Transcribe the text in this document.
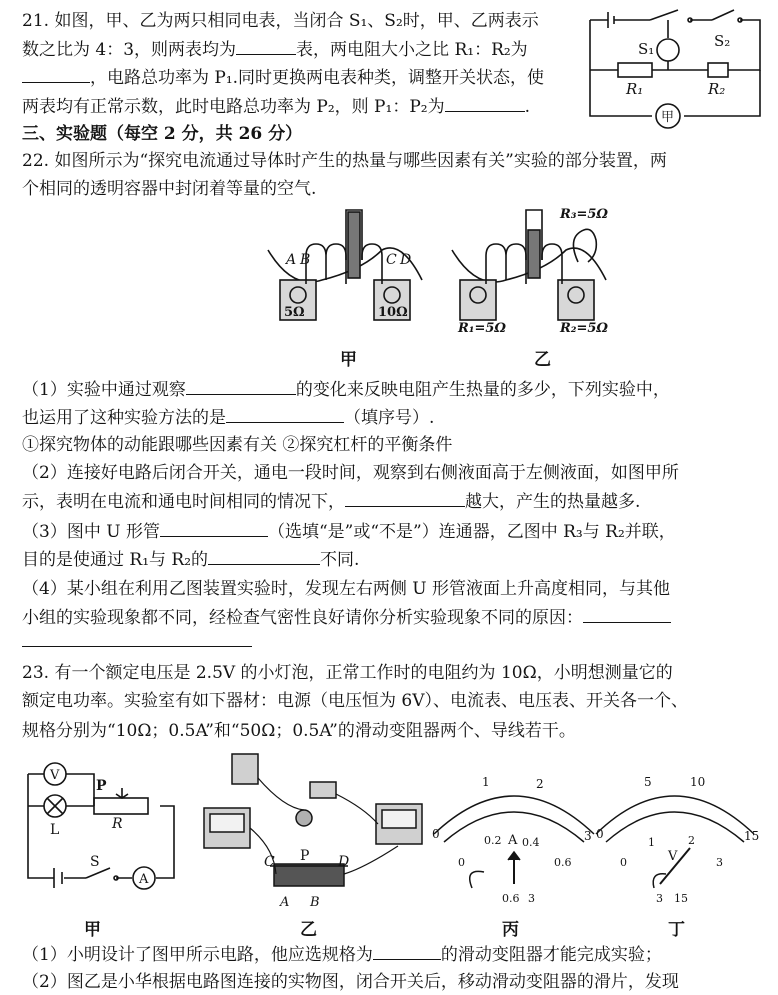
21. 如图，甲、乙为两只相同电表，当闭合 S₁、S₂时，甲、乙两表示
数之比为 4：3，则两表均为	表，两电阻大小之比 R₁：R₂为
，电路总功率为 P₁.同时更换两电表种类，调整开关状态，使
两表均有正常示数，此时电路总功率为 P₂，则 P₁：P₂为	.
三、实验题（每空 2 分，共 26 分）
S₁	S₂
R₁	R₂
甲
22. 如图所示为“探究电流通过导体时产生的热量与哪些因素有关”实验的部分装置，两
个相同的透明容器中封闭着等量的空气.
A B	C D
5Ω	10Ω
R₃=5Ω
R₁=5Ω	R₂=5Ω
甲	乙
（1）实验中通过观察	的变化来反映电阻产生热量的多少，下列实验中，
也运用了这种实验方法的是	（填序号）.
①探究物体的动能跟哪些因素有关 ②探究杠杆的平衡条件
（2）连接好电路后闭合开关，通电一段时间，观察到右侧液面高于左侧液面，如图甲所
示，表明在电流和通电时间相同的情况下，	越大，产生的热量越多.
（3）图中 U 形管	（选填“是”或“不是”）连通器，乙图中 R₃与 R₂并联，
目的是使通过 R₁与 R₂的	不同.
（4）某小组在利用乙图装置实验时，发现左右两侧 U 形管液面上升高度相同，与其他
小组的实验现象都不同，经检查气密性良好请你分析实验现象不同的原因：
23. 有一个额定电压是 2.5V 的小灯泡，正常工作时的电阻约为 10Ω，小明想测量它的
额定电功率。实验室有如下器材：电源（电压恒为 6V）、电流表、电压表、开关各一个、
规格分别为“10Ω；0.5A”和“50Ω；0.5A”的滑动变阻器两个、导线若干。
V
P
R
L
S
A
C P D
A B
0
1	2
3
0
0.2 0.4
0.6
A
0.6 3
0
5	10
15
0
1	2
3
V
3 15
甲	乙	丙	丁
（1）小明设计了图甲所示电路，他应选规格为	的滑动变阻器才能完成实验；
（2）图乙是小华根据电路图连接的实物图，闭合开关后，移动滑动变阻器的滑片，发现
